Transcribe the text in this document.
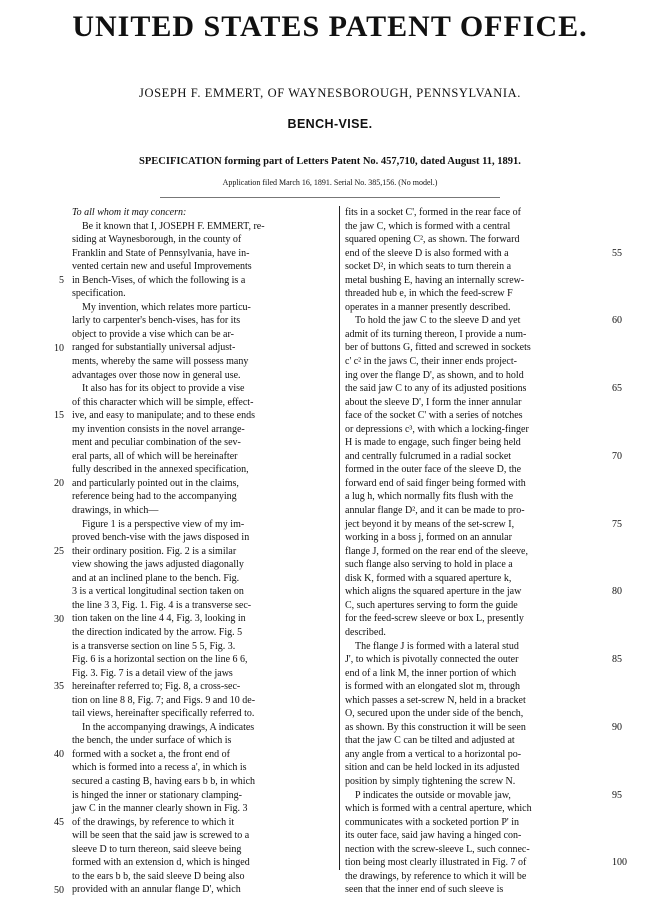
UNITED STATES PATENT OFFICE.
JOSEPH F. EMMERT, OF WAYNESBOROUGH, PENNSYLVANIA.
BENCH-VISE.
SPECIFICATION forming part of Letters Patent No. 457,710, dated August 11, 1891.
Application filed March 16, 1891. Serial No. 385,156. (No model.)
To all whom it may concern:
Be it known that I, JOSEPH F. EMMERT, re-
siding at Waynesborough, in the county of
Franklin and State of Pennsylvania, have in-
vented certain new and useful Improvements
in Bench-Vises, of which the following is a
specification.
My invention, which relates more particu-
larly to carpenter's bench-vises, has for its
object to provide a vise which can be ar-
ranged for substantially universal adjust-
ments, whereby the same will possess many
advantages over those now in general use.
It also has for its object to provide a vise
of this character which will be simple, effect-
ive, and easy to manipulate; and to these ends
my invention consists in the novel arrange-
ment and peculiar combination of the sev-
eral parts, all of which will be hereinafter
fully described in the annexed specification,
and particularly pointed out in the claims,
reference being had to the accompanying
drawings, in which—
Figure 1 is a perspective view of my im-
proved bench-vise with the jaws disposed in
their ordinary position. Fig. 2 is a similar
view showing the jaws adjusted diagonally
and at an inclined plane to the bench. Fig.
3 is a vertical longitudinal section taken on
the line 3 3, Fig. 1. Fig. 4 is a transverse sec-
tion taken on the line 4 4, Fig. 3, looking in
the direction indicated by the arrow. Fig. 5
is a transverse section on line 5 5, Fig. 3.
Fig. 6 is a horizontal section on the line 6 6,
Fig. 3. Fig. 7 is a detail view of the jaws
hereinafter referred to; Fig. 8, a cross-sec-
tion on line 8 8, Fig. 7; and Figs. 9 and 10 de-
tail views, hereinafter specifically referred to.
In the accompanying drawings, A indicates
the bench, the under surface of which is
formed with a socket a, the front end of
which is formed into a recess a', in which is
secured a casting B, having ears b b, in which
is hinged the inner or stationary clamping-
jaw C in the manner clearly shown in Fig. 3
of the drawings, by reference to which it
will be seen that the said jaw is screwed to a
sleeve D to turn thereon, said sleeve being
formed with an extension d, which is hinged
to the ears b b, the said sleeve D being also
provided with an annular flange D', which
fits in a socket C', formed in the rear face of
the jaw C, which is formed with a central
squared opening C², as shown. The forward
end of the sleeve D is also formed with a
socket D², in which seats to turn therein a
metal bushing E, having an internally screw-
threaded hub e, in which the feed-screw F
operates in a manner presently described.
To hold the jaw C to the sleeve D and yet
admit of its turning thereon, I provide a num-
ber of buttons G, fitted and screwed in sockets
c' c² in the jaws C, their inner ends project-
ing over the flange D', as shown, and to hold
the said jaw C to any of its adjusted positions
about the sleeve D', I form the inner annular
face of the socket C' with a series of notches
or depressions c³, with which a locking-finger
H is made to engage, such finger being held
and centrally fulcrumed in a radial socket
formed in the outer face of the sleeve D, the
forward end of said finger being formed with
a lug h, which normally fits flush with the
annular flange D², and it can be made to pro-
ject beyond it by means of the set-screw I,
working in a boss j, formed on an annular
flange J, formed on the rear end of the sleeve,
such flange also serving to hold in place a
disk K, formed with a squared aperture k,
which aligns the squared aperture in the jaw
C, such apertures serving to form the guide
for the feed-screw sleeve or box L, presently
described.
The flange J is formed with a lateral stud
J', to which is pivotally connected the outer
end of a link M, the inner portion of which
is formed with an elongated slot m, through
which passes a set-screw N, held in a bracket
O, secured upon the under side of the bench,
as shown. By this construction it will be seen
that the jaw C can be tilted and adjusted at
any angle from a vertical to a horizontal po-
sition and can be held locked in its adjusted
position by simply tightening the screw N.
P indicates the outside or movable jaw,
which is formed with a central aperture, which
communicates with a socketed portion P' in
its outer face, said jaw having a hinged con-
nection with the screw-sleeve L, such connec-
tion being most clearly illustrated in Fig. 7 of
the drawings, by reference to which it will be
seen that the inner end of such sleeve is
5
10
15
20
25
30
35
40
45
50
55
60
65
70
75
80
85
90
95
100
